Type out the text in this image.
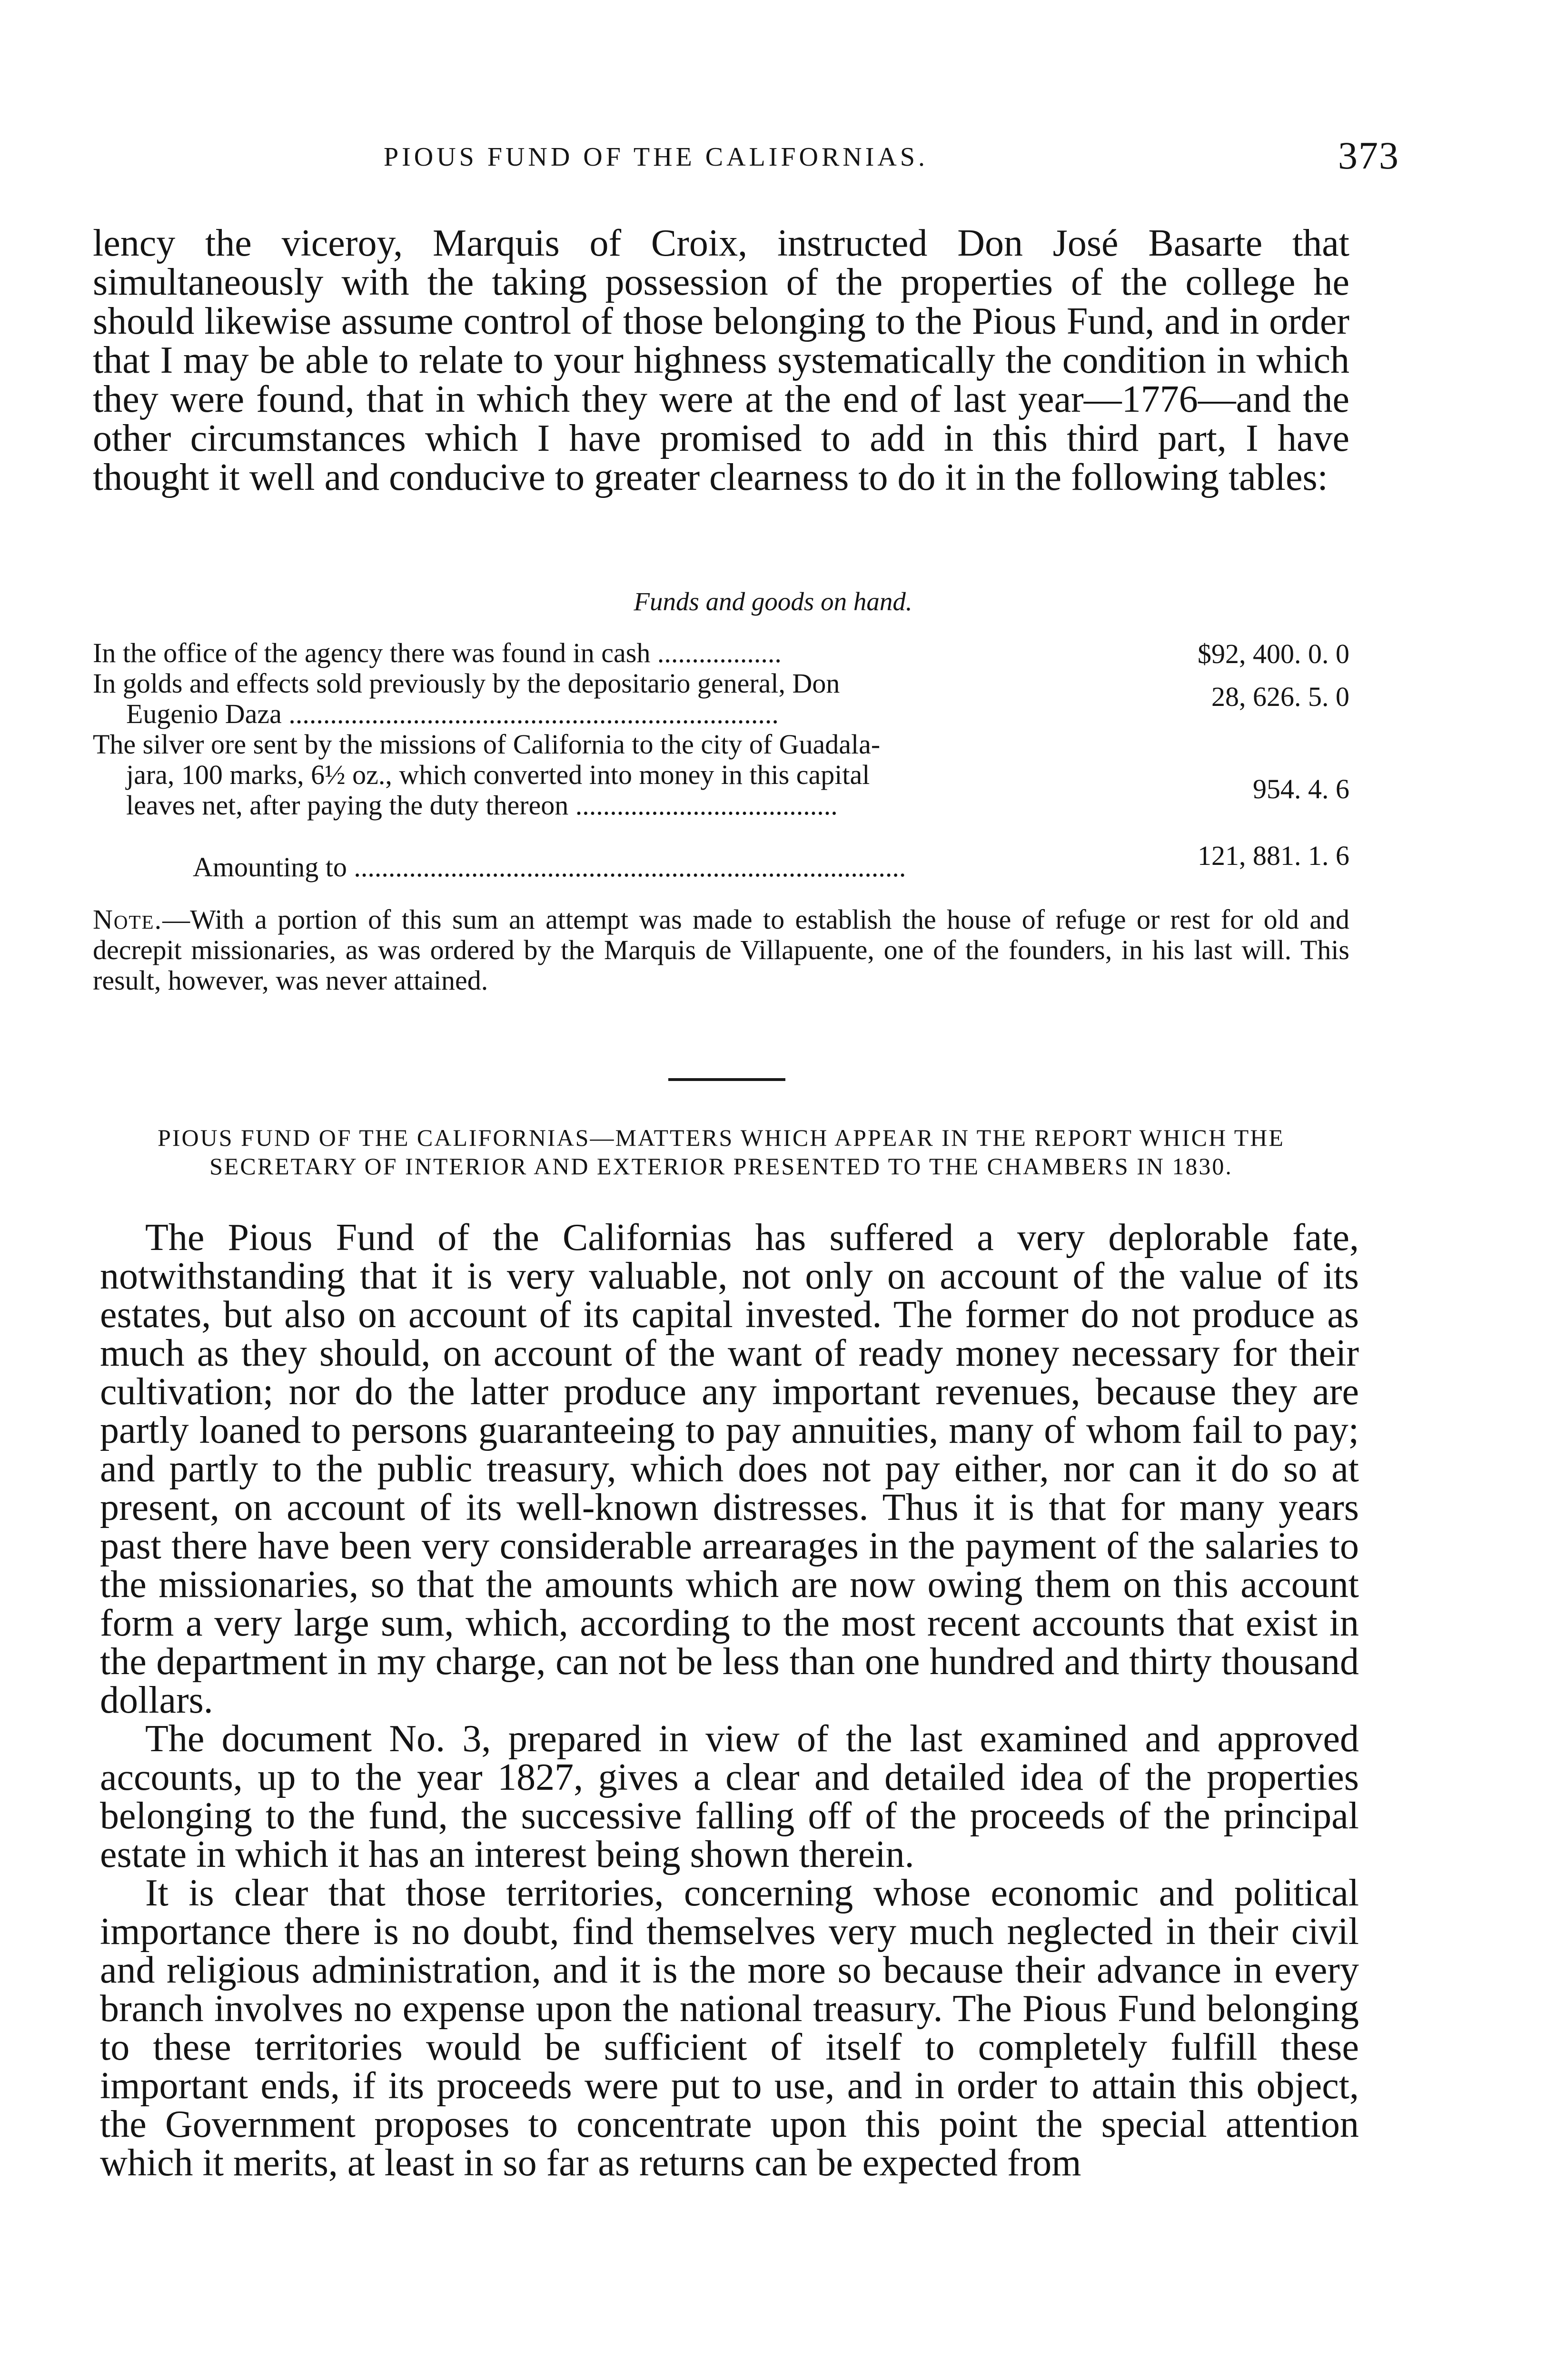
PIOUS FUND OF THE CALIFORNIAS.	373

lency the viceroy, Marquis of Croix, instructed Don José Basarte that simultaneously with the taking possession of the properties of the college he should likewise assume control of those belonging to the Pious Fund, and in order that I may be able to relate to your highness systematically the condition in which they were found, that in which they were at the end of last year—1776—and the other circumstances which I have promised to add in this third part, I have thought it well and conducive to greater clearness to do it in the following tables:

Funds and goods on hand.
In the office of the agency there was found in cash ..................	$92, 400. 0. 0
In golds and effects sold previously by the depositario general, Don
Eugenio Daza .......................................................................
28, 626. 5. 0
The silver ore sent by the missions of California to the city of Guadala-
jara, 100 marks, 6½ oz., which converted into money in this capital
leaves net, after paying the duty thereon ......................................
954. 4. 6
Amounting to ................................................................................	121, 881. 1. 6

Note.—With a portion of this sum an attempt was made to establish the house of refuge or rest for old and decrepit missionaries, as was ordered by the Marquis de Villapuente, one of the founders, in his last will. This result, however, was never attained.

PIOUS FUND OF THE CALIFORNIAS—MATTERS WHICH APPEAR IN THE REPORT WHICH THE SECRETARY OF INTERIOR AND EXTERIOR PRESENTED TO THE CHAMBERS IN 1830.

The Pious Fund of the Californias has suffered a very deplorable fate, notwithstanding that it is very valuable, not only on account of the value of its estates, but also on account of its capital invested. The former do not produce as much as they should, on account of the want of ready money necessary for their cultivation; nor do the latter produce any important revenues, because they are partly loaned to persons guaranteeing to pay annuities, many of whom fail to pay; and partly to the public treasury, which does not pay either, nor can it do so at present, on account of its well-known distresses. Thus it is that for many years past there have been very considerable arrearages in the payment of the salaries to the missionaries, so that the amounts which are now owing them on this account form a very large sum, which, according to the most recent accounts that exist in the department in my charge, can not be less than one hundred and thirty thousand dollars.

The document No. 3, prepared in view of the last examined and approved accounts, up to the year 1827, gives a clear and detailed idea of the properties belonging to the fund, the successive falling off of the proceeds of the principal estate in which it has an interest being shown therein.

It is clear that those territories, concerning whose economic and political importance there is no doubt, find themselves very much neglected in their civil and religious administration, and it is the more so because their advance in every branch involves no expense upon the national treasury. The Pious Fund belonging to these territories would be sufficient of itself to completely fulfill these important ends, if its proceeds were put to use, and in order to attain this object, the Government proposes to concentrate upon this point the special attention which it merits, at least in so far as returns can be expected from
